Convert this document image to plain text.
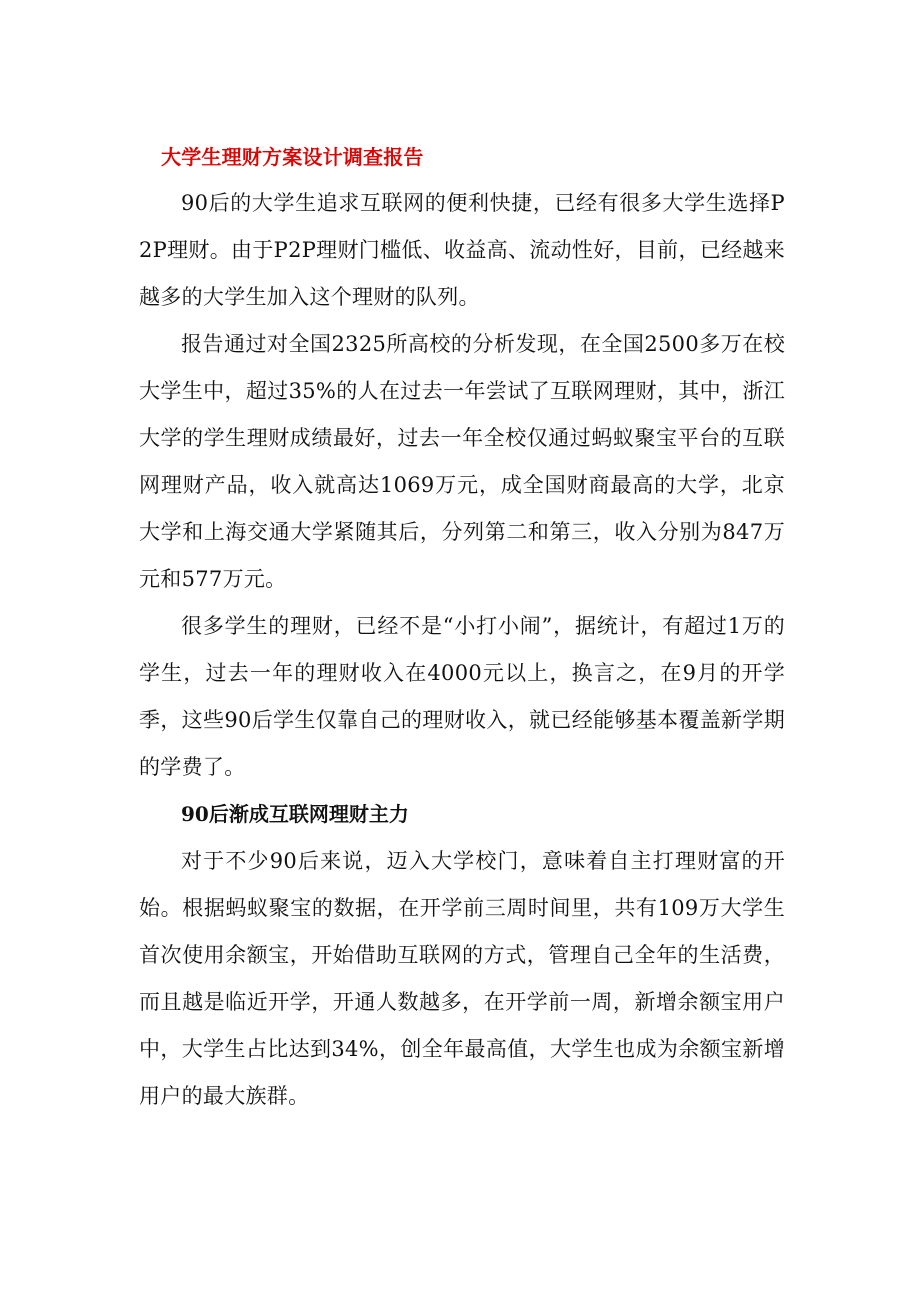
大学生理财方案设计调查报告

90后的大学生追求互联网的便利快捷，已经有很多大学生选择P2P理财。由于P2P理财门槛低、收益高、流动性好，目前，已经越来越多的大学生加入这个理财的队列。

报告通过对全国2325所高校的分析发现，在全国2500多万在校大学生中，超过35%的人在过去一年尝试了互联网理财，其中，浙江大学的学生理财成绩最好，过去一年全校仅通过蚂蚁聚宝平台的互联网理财产品，收入就高达1069万元，成全国财商最高的大学，北京大学和上海交通大学紧随其后，分列第二和第三，收入分别为847万元和577万元。

很多学生的理财，已经不是“小打小闹”，据统计，有超过1万的学生，过去一年的理财收入在4000元以上，换言之，在9月的开学季，这些90后学生仅靠自己的理财收入，就已经能够基本覆盖新学期的学费了。

90后渐成互联网理财主力

对于不少90后来说，迈入大学校门，意味着自主打理财富的开始。根据蚂蚁聚宝的数据，在开学前三周时间里，共有109万大学生首次使用余额宝，开始借助互联网的方式，管理自己全年的生活费，而且越是临近开学，开通人数越多，在开学前一周，新增余额宝用户中，大学生占比达到34%，创全年最高值，大学生也成为余额宝新增用户的最大族群。
